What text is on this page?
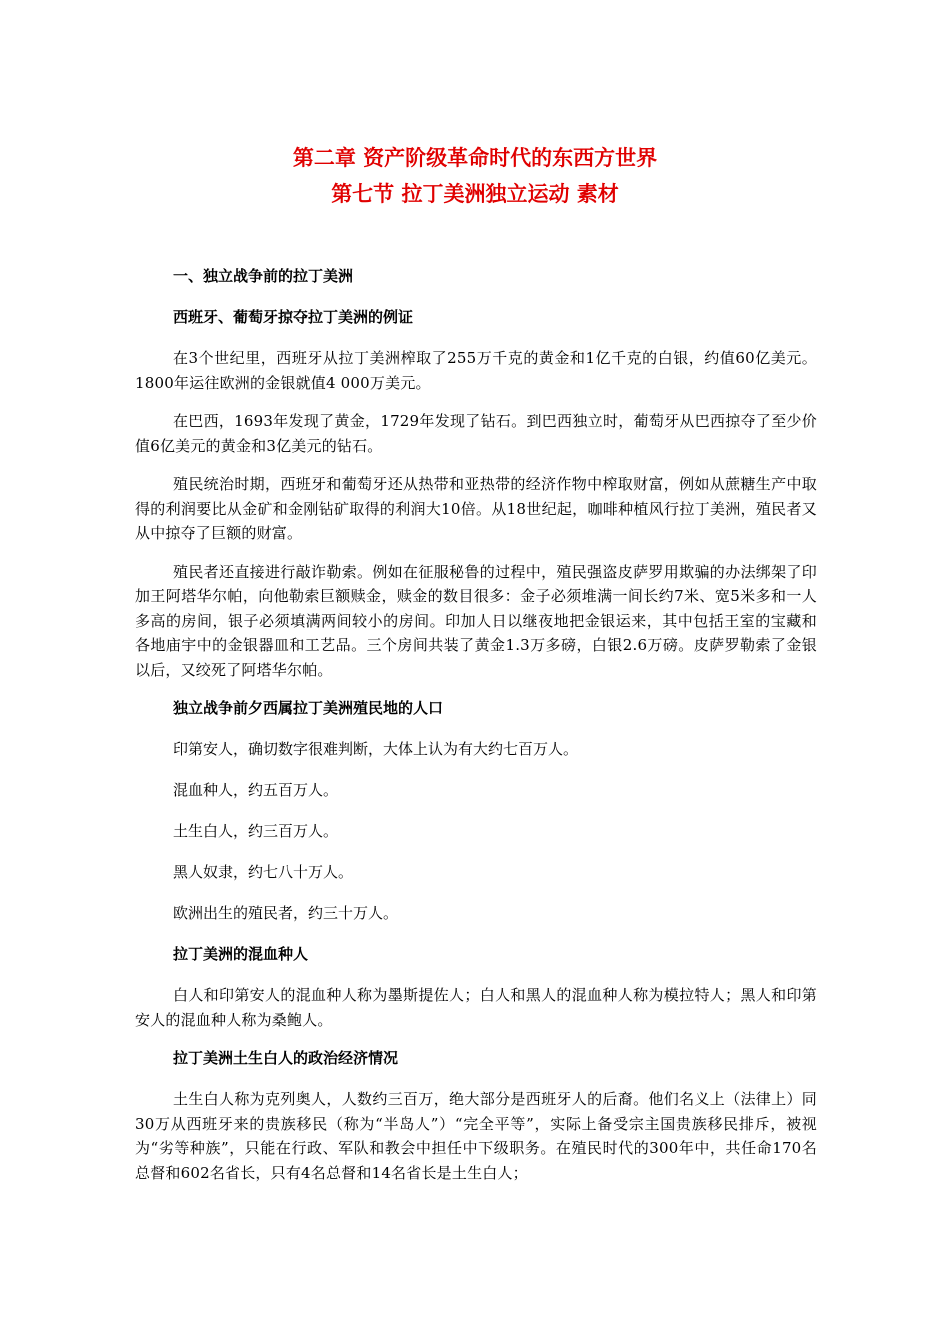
第二章 资产阶级革命时代的东西方世界

第七节 拉丁美洲独立运动 素材

一、独立战争前的拉丁美洲

西班牙、葡萄牙掠夺拉丁美洲的例证

在3个世纪里，西班牙从拉丁美洲榨取了255万千克的黄金和1亿千克的白银，约值60亿美元。1800年运往欧洲的金银就值4 000万美元。

在巴西，1693年发现了黄金，1729年发现了钻石。到巴西独立时，葡萄牙从巴西掠夺了至少价值6亿美元的黄金和3亿美元的钻石。

殖民统治时期，西班牙和葡萄牙还从热带和亚热带的经济作物中榨取财富，例如从蔗糖生产中取得的利润要比从金矿和金刚钻矿取得的利润大10倍。从18世纪起，咖啡种植风行拉丁美洲，殖民者又从中掠夺了巨额的财富。

殖民者还直接进行敲诈勒索。例如在征服秘鲁的过程中，殖民强盗皮萨罗用欺骗的办法绑架了印加王阿塔华尔帕，向他勒索巨额赎金，赎金的数目很多：金子必须堆满一间长约7米、宽5米多和一人多高的房间，银子必须填满两间较小的房间。印加人日以继夜地把金银运来，其中包括王室的宝藏和各地庙宇中的金银器皿和工艺品。三个房间共装了黄金1.3万多磅，白银2.6万磅。皮萨罗勒索了金银以后，又绞死了阿塔华尔帕。

独立战争前夕西属拉丁美洲殖民地的人口

印第安人，确切数字很难判断，大体上认为有大约七百万人。

混血种人，约五百万人。

土生白人，约三百万人。

黑人奴隶，约七八十万人。

欧洲出生的殖民者，约三十万人。

拉丁美洲的混血种人

白人和印第安人的混血种人称为墨斯提佐人；白人和黑人的混血种人称为模拉特人；黑人和印第安人的混血种人称为桑鲍人。

拉丁美洲土生白人的政治经济情况

土生白人称为克列奥人，人数约三百万，绝大部分是西班牙人的后裔。他们名义上（法律上）同30万从西班牙来的贵族移民（称为“半岛人”）“完全平等”，实际上备受宗主国贵族移民排斥，被视为“劣等种族”，只能在行政、军队和教会中担任中下级职务。在殖民时代的300年中，共任命170名总督和602名省长，只有4名总督和14名省长是土生白人；
